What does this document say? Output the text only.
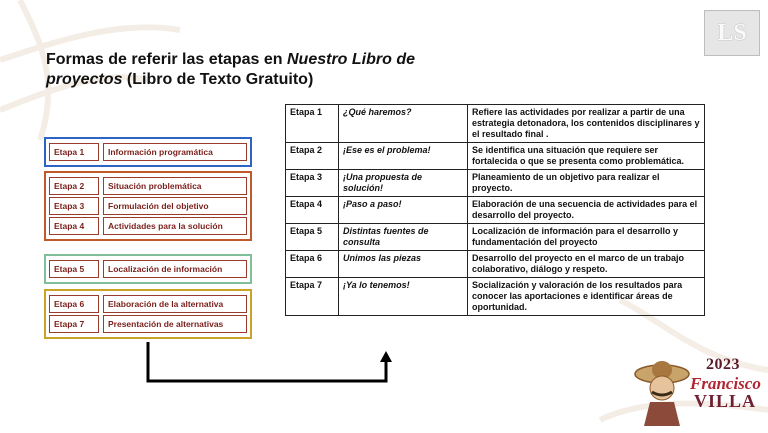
Formas de referir las etapas en Nuestro Libro de proyectos (Libro de Texto Gratuito)
LS
Etapa 1	Información programática
Etapa 2	Situación problemática
Etapa 3	Formulación del objetivo
Etapa 4	Actividades para la solución
Etapa 5	Localización de información
Etapa 6	Elaboración de la alternativa
Etapa 7	Presentación de alternativas
Etapa 1	¿Qué haremos?	Refiere las actividades por realizar a partir de una estrategia detonadora, los contenidos disciplinares y el resultado final .
Etapa 2	¡Ese es el problema!	Se identifica una situación que requiere ser fortalecida o que se presenta como problemática.
Etapa 3	¡Una propuesta de solución!	Planeamiento de un objetivo para realizar el proyecto.
Etapa 4	¡Paso a paso!	Elaboración de una secuencia de actividades para el desarrollo del proyecto.
Etapa 5	Distintas fuentes de consulta	Localización de información para el desarrollo y fundamentación del proyecto
Etapa 6	Unimos las piezas	Desarrollo del proyecto en el marco de un trabajo colaborativo, diálogo y respeto.
Etapa 7	¡Ya lo tenemos!	Socialización y valoración de los resultados para conocer las aportaciones e identificar áreas de oportunidad.
2023
Francisco
VILLA
